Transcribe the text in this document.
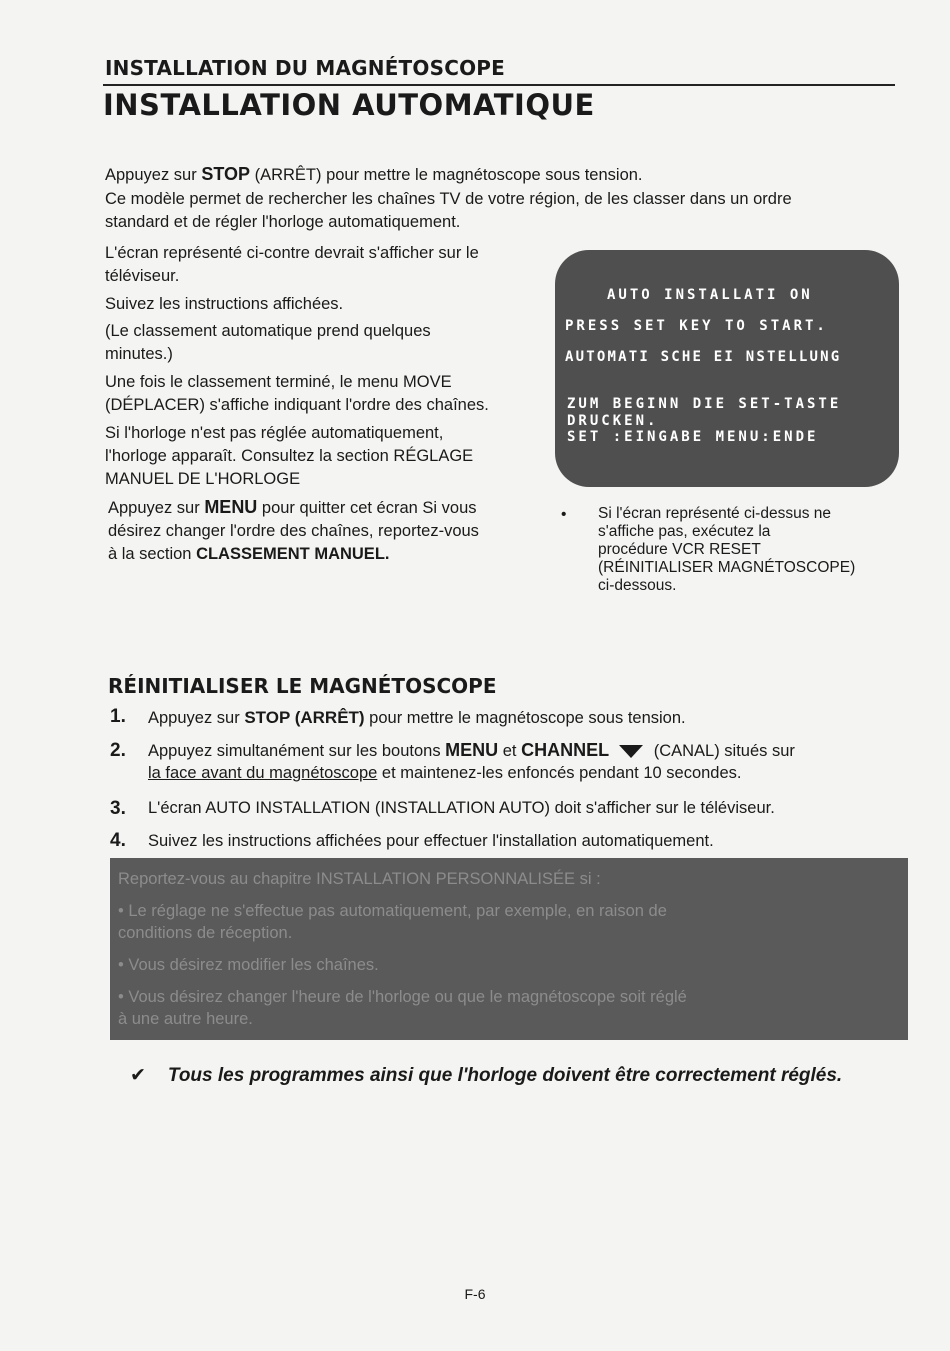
INSTALLATION DU MAGNÉTOSCOPE
INSTALLATION AUTOMATIQUE
Appuyez sur STOP (ARRÊT) pour mettre le magnétoscope sous tension.
Ce modèle permet de rechercher les chaînes TV de votre région, de les classer dans un ordre
standard et de régler l'horloge automatiquement.
L'écran représenté ci-contre devrait s'afficher sur le
téléviseur.
Suivez les instructions affichées.
(Le classement automatique prend quelques
minutes.)
Une fois le classement terminé, le menu MOVE
(DÉPLACER) s'affiche indiquant l'ordre des chaînes.
Si l'horloge n'est pas réglée automatiquement,
l'horloge apparaît. Consultez la section RÉGLAGE
MANUEL DE L'HORLOGE
Appuyez sur MENU pour quitter cet écran Si vous
désirez changer l'ordre des chaînes, reportez-vous
à la section CLASSEMENT MANUEL.
AUTO INSTALLATI ON
PRESS SET KEY TO START.
AUTOMATI SCHE EI NSTELLUNG
ZUM BEGINN DIE SET-TASTE
DRUCKEN.
SET :EINGABE MENU:ENDE
• Si l'écran représenté ci-dessus ne
s'affiche pas, exécutez la
procédure VCR RESET
(RÉINITIALISER MAGNÉTOSCOPE)
ci-dessous.
RÉINITIALISER LE MAGNÉTOSCOPE
1. Appuyez sur STOP (ARRÊT) pour mettre le magnétoscope sous tension.
2. Appuyez simultanément sur les boutons MENU et CHANNEL (CANAL) situés sur
la face avant du magnétoscope et maintenez-les enfoncés pendant 10 secondes.
3. L'écran AUTO INSTALLATION (INSTALLATION AUTO) doit s'afficher sur le téléviseur.
4. Suivez les instructions affichées pour effectuer l'installation automatiquement.
Reportez-vous au chapitre INSTALLATION PERSONNALISÉE si :
• Le réglage ne s'effectue pas automatiquement, par exemple, en raison de
conditions de réception.
• Vous désirez modifier les chaînes.
• Vous désirez changer l'heure de l'horloge ou que le magnétoscope soit réglé
à une autre heure.
✔ Tous les programmes ainsi que l'horloge doivent être correctement réglés.
F-6
